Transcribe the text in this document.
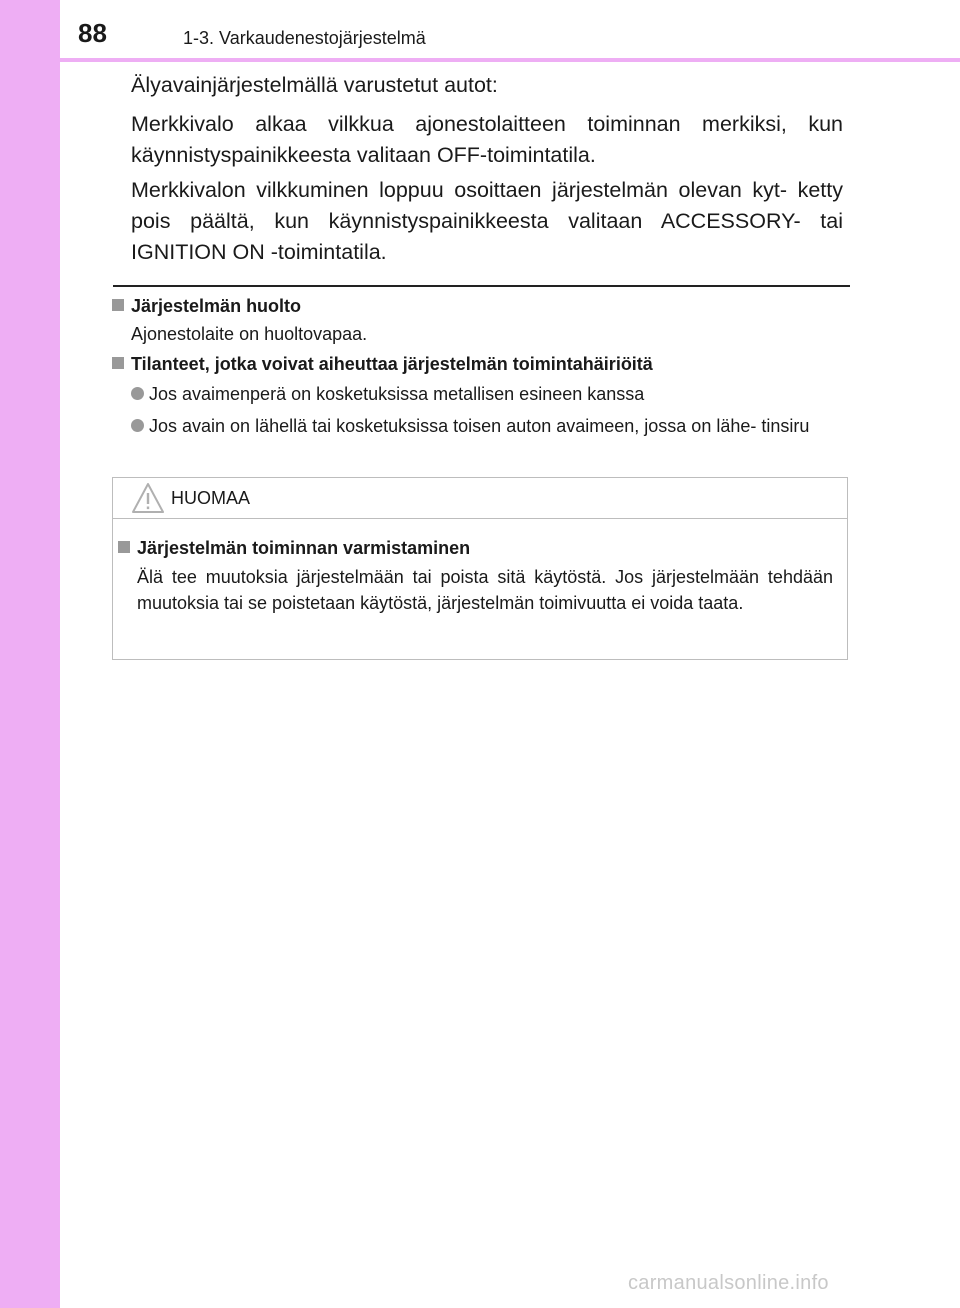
88	1-3. Varkaudenestojärjestelmä
Älyavainjärjestelmällä varustetut autot:
Merkkivalo alkaa vilkkua ajonestolaitteen toiminnan merkiksi, kun käynnistyspainikkeesta valitaan OFF-toimintatila.
Merkkivalon vilkkuminen loppuu osoittaen järjestelmän olevan kyt- ketty pois päältä, kun käynnistyspainikkeesta valitaan ACCESSORY- tai IGNITION ON -toimintatila.
Järjestelmän huolto
Ajonestolaite on huoltovapaa.
Tilanteet, jotka voivat aiheuttaa järjestelmän toimintahäiriöitä
Jos avaimenperä on kosketuksissa metallisen esineen kanssa
Jos avain on lähellä tai kosketuksissa toisen auton avaimeen, jossa on lähe- tinsiru
HUOMAA
Järjestelmän toiminnan varmistaminen
Älä tee muutoksia järjestelmään tai poista sitä käytöstä. Jos järjestelmään tehdään muutoksia tai se poistetaan käytöstä, järjestelmän toimivuutta ei voida taata.
carmanualsonline.info
